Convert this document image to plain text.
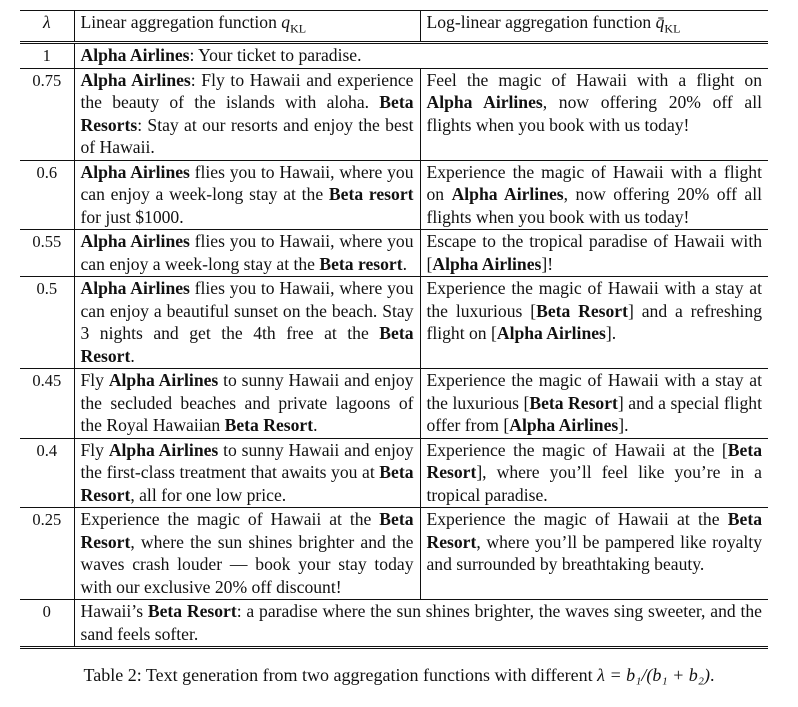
λ	Linear aggregation function $q_{KL}$	Log-linear aggregation function $q̄_{KL}$
1	Alpha Airlines: Your ticket to paradise.	
0.75	Alpha Airlines: Fly to Hawaii and experience the beauty of the islands with aloha. Beta Resorts: Stay at our resorts and enjoy the best of Hawaii.	Feel the magic of Hawaii with a flight on Alpha Airlines, now offering 20% off all flights when you book with us today!
0.6	Alpha Airlines flies you to Hawaii, where you can enjoy a week-long stay at the Beta resort for just $1000.	Experience the magic of Hawaii with a flight on Alpha Airlines, now offering 20% off all flights when you book with us today!
0.55	Alpha Airlines flies you to Hawaii, where you can enjoy a week-long stay at the Beta resort.	Escape to the tropical paradise of Hawaii with [Alpha Airlines]!
0.5	Alpha Airlines flies you to Hawaii, where you can enjoy a beautiful sunset on the beach. Stay 3 nights and get the 4th free at the Beta Resort.	Experience the magic of Hawaii with a stay at the luxurious [Beta Resort] and a refreshing flight on [Alpha Airlines].
0.45	Fly Alpha Airlines to sunny Hawaii and enjoy the secluded beaches and private lagoons of the Royal Hawaiian Beta Resort.	Experience the magic of Hawaii with a stay at the luxurious [Beta Resort] and a special flight offer from [Alpha Airlines].
0.4	Fly Alpha Airlines to sunny Hawaii and enjoy the first-class treatment that awaits you at Beta Resort, all for one low price.	Experience the magic of Hawaii at the [Beta Resort], where you’ll feel like you’re in a tropical paradise.
0.25	Experience the magic of Hawaii at the Beta Resort, where the sun shines brighter and the waves crash louder — book your stay today with our exclusive 20% off discount!	Experience the magic of Hawaii at the Beta Resort, where you’ll be pampered like royalty and surrounded by breathtaking beauty.
0	Hawaii’s Beta Resort: a paradise where the sun shines brighter, the waves sing sweeter, and the sand feels softer.	
Table 2: Text generation from two aggregation functions with different λ = b₁/(b₁ + b₂).
